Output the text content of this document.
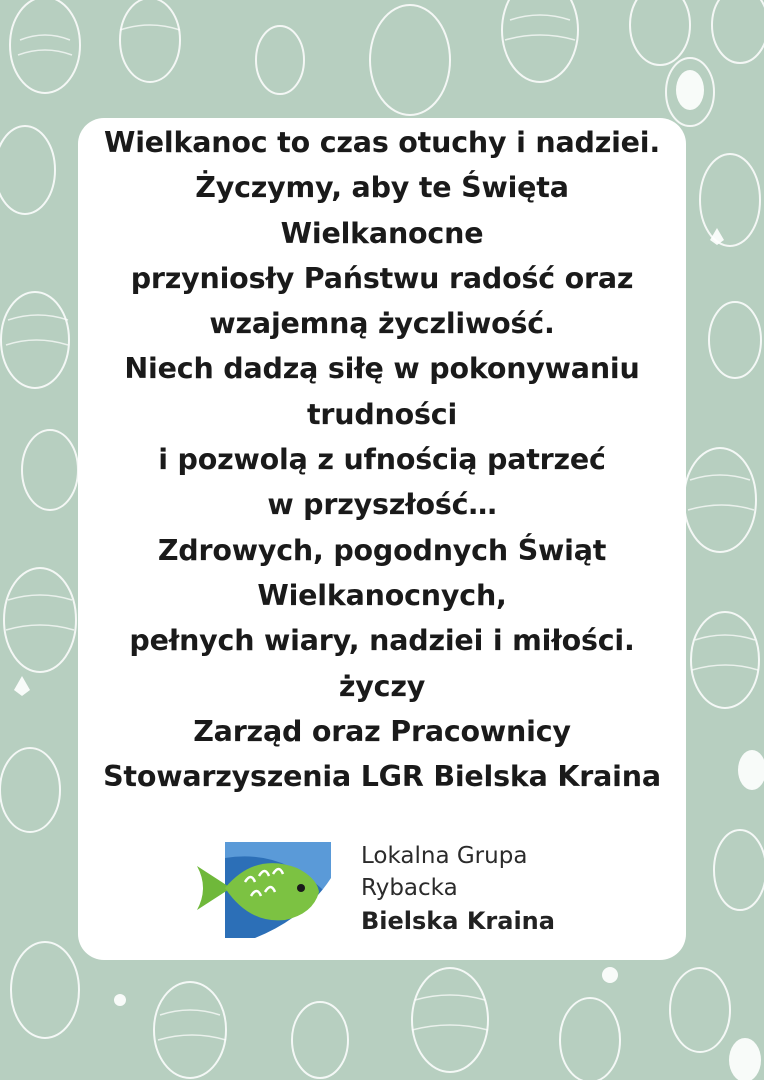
Wielkanoc to czas otuchy i nadziei.
Życzymy, aby te Święta
Wielkanocne
przyniosły Państwu radość oraz
wzajemną życzliwość.
Niech dadzą siłę w pokonywaniu
trudności
i pozwolą z ufnością patrzeć
w przyszłość…
Zdrowych, pogodnych Świąt
Wielkanocnych,
pełnych wiary, nadziei i miłości.
życzy
Zarząd oraz Pracownicy
Stowarzyszenia LGR Bielska Kraina
Lokalna Grupa
Rybacka
Bielska Kraina
